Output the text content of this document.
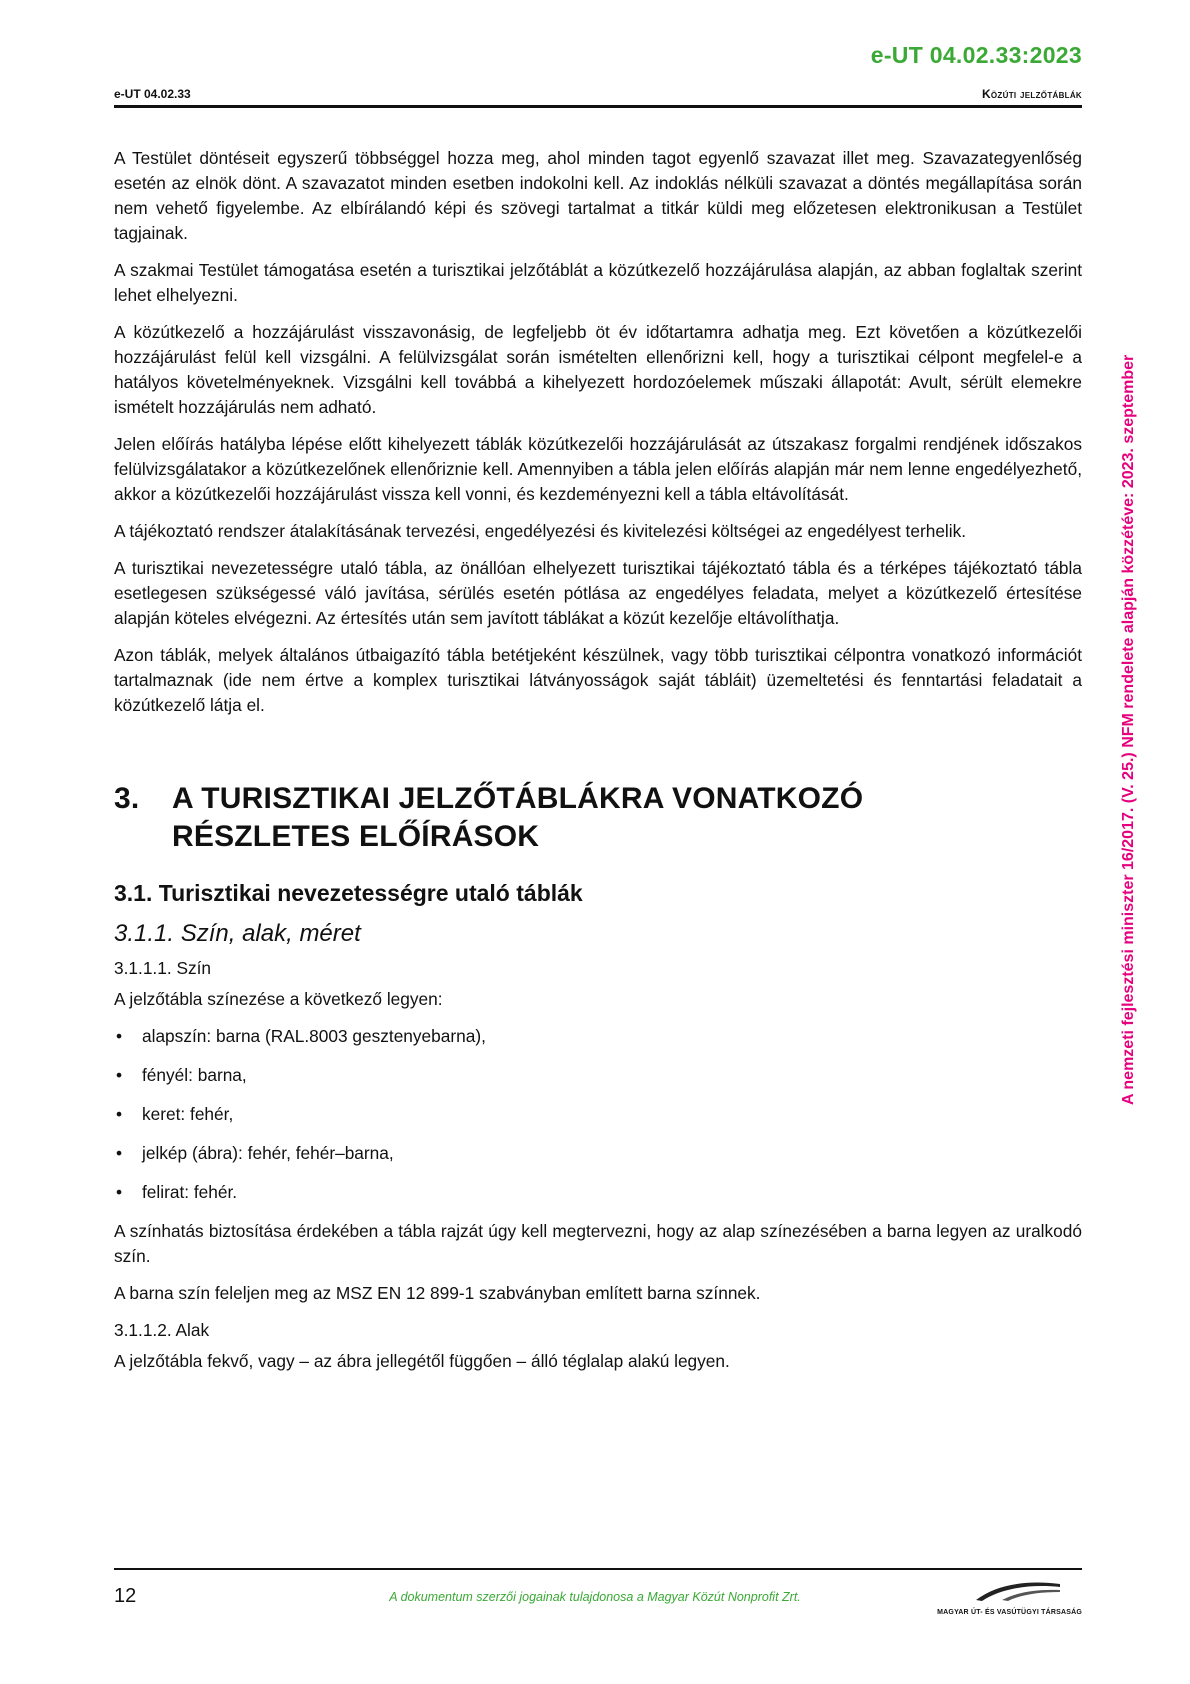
e-UT 04.02.33:2023
e-UT 04.02.33	Közúti jelzőtáblák
A nemzeti fejlesztési miniszter 16/2017. (V. 25.) NFM rendelete alapján közzétéve: 2023. szeptember

A Testület döntéseit egyszerű többséggel hozza meg, ahol minden tagot egyenlő szavazat illet meg. Szavazategyenlőség esetén az elnök dönt. A szavazatot minden esetben indokolni kell. Az indoklás nélküli szavazat a döntés megállapítása során nem vehető figyelembe. Az elbírálandó képi és szövegi tartalmat a titkár küldi meg előzetesen elektronikusan a Testület tagjainak.

A szakmai Testület támogatása esetén a turisztikai jelzőtáblát a közútkezelő hozzájárulása alapján, az abban foglaltak szerint lehet elhelyezni.

A közútkezelő a hozzájárulást visszavonásig, de legfeljebb öt év időtartamra adhatja meg. Ezt követően a közútkezelői hozzájárulást felül kell vizsgálni. A felülvizsgálat során ismételten ellenőrizni kell, hogy a turisztikai célpont megfelel-e a hatályos követelményeknek. Vizsgálni kell továbbá a kihelyezett hordozóelemek műszaki állapotát: Avult, sérült elemekre ismételt hozzájárulás nem adható.

Jelen előírás hatályba lépése előtt kihelyezett táblák közútkezelői hozzájárulását az útszakasz forgalmi rendjének időszakos felülvizsgálatakor a közútkezelőnek ellenőriznie kell. Amennyiben a tábla jelen előírás alapján már nem lenne engedélyezhető, akkor a közútkezelői hozzájárulást vissza kell vonni, és kezdeményezni kell a tábla eltávolítását.

A tájékoztató rendszer átalakításának tervezési, engedélyezési és kivitelezési költségei az engedélyest terhelik.

A turisztikai nevezetességre utaló tábla, az önállóan elhelyezett turisztikai tájékoztató tábla és a térképes tájékoztató tábla esetlegesen szükségessé váló javítása, sérülés esetén pótlása az engedélyes feladata, melyet a közútkezelő értesítése alapján köteles elvégezni. Az értesítés után sem javított táblákat a közút kezelője eltávolíthatja.

Azon táblák, melyek általános útbaigazító tábla betétjeként készülnek, vagy több turisztikai célpontra vonatkozó információt tartalmaznak (ide nem értve a komplex turisztikai látványosságok saját tábláit) üzemeltetési és fenntartási feladatait a közútkezelő látja el.

3.	A TURISZTIKAI JELZŐTÁBLÁKRA VONATKOZÓ
RÉSZLETES ELŐÍRÁSOK
3.1. Turisztikai nevezetességre utaló táblák
3.1.1. Szín, alak, méret
3.1.1.1. Szín

A jelzőtábla színezése a következő legyen:

• alapszín: barna (RAL.8003 gesztenyebarna),
• fényél: barna,
• keret: fehér,
• jelkép (ábra): fehér, fehér–barna,
• felirat: fehér.

A színhatás biztosítása érdekében a tábla rajzát úgy kell megtervezni, hogy az alap színezésében a barna legyen az uralkodó szín.

A barna szín feleljen meg az MSZ EN 12 899-1 szabványban említett barna színnek.

3.1.1.2. Alak

A jelzőtábla fekvő, vagy – az ábra jellegétől függően – álló téglalap alakú legyen.

12	A dokumentum szerzői jogainak tulajdonosa a Magyar Közút Nonprofit Zrt.
MAGYAR ÚT- ÉS VASÚTÜGYI TÁRSASÁG
